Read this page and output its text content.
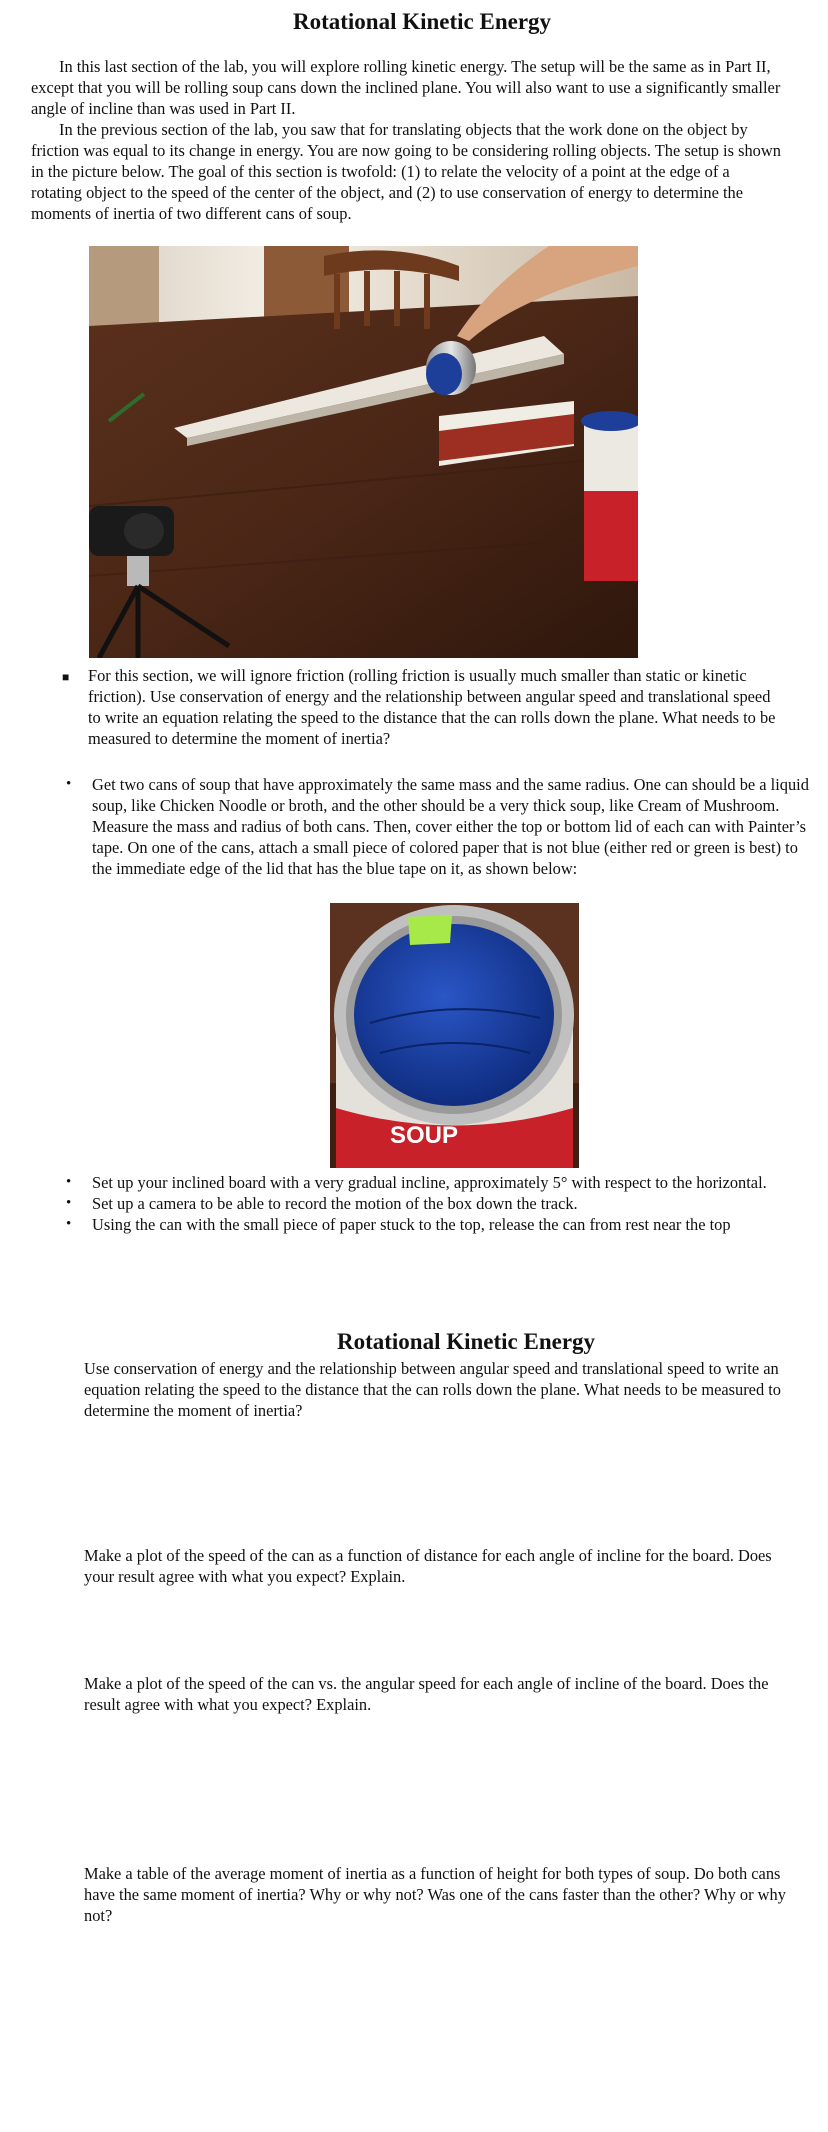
Rotational Kinetic Energy

In this last section of the lab, you will explore rolling kinetic energy. The setup will be the same as in Part II, except that you will be rolling soup cans down the inclined plane. You will also want to use a significantly smaller angle of incline than was used in Part II.

In the previous section of the lab, you saw that for translating objects that the work done on the object by friction was equal to its change in energy. You are now going to be considering rolling objects. The setup is shown in the picture below. The goal of this section is twofold: (1) to relate the velocity of a point at the edge of a rotating object to the speed of the center of the object, and (2) to use conservation of energy to determine the moments of inertia of two different cans of soup.

■	For this section, we will ignore friction (rolling friction is usually much smaller than static or kinetic friction). Use conservation of energy and the relationship between angular speed and translational speed to write an equation relating the speed to the distance that the can rolls down the plane. What needs to be measured to determine the moment of inertia?
•	Get two cans of soup that have approximately the same mass and the same radius. One can should be a liquid soup, like Chicken Noodle or broth, and the other should be a very thick soup, like Cream of Mushroom. Measure the mass and radius of both cans. Then, cover either the top or bottom lid of each can with Painter’s tape. On one of the cans, attach a small piece of colored paper that is not blue (either red or green is best) to the immediate edge of the lid that has the blue tape on it, as shown below:
SOUP
•	Set up your inclined board with a very gradual incline, approximately 5° with respect to the horizontal.
•	Set up a camera to be able to record the motion of the box down the track.
•	Using the can with the small piece of paper stuck to the top, release the can from rest near the top
Rotational Kinetic Energy
Use conservation of energy and the relationship between angular speed and translational speed to write an equation relating the speed to the distance that the can rolls down the plane. What needs to be measured to determine the moment of inertia?
Make a plot of the speed of the can as a function of distance for each angle of incline for the board. Does your result agree with what you expect? Explain.
Make a plot of the speed of the can vs. the angular speed for each angle of incline of the board. Does the result agree with what you expect? Explain.
Make a table of the average moment of inertia as a function of height for both types of soup. Do both cans have the same moment of inertia? Why or why not? Was one of the cans faster than the other? Why or why not?
